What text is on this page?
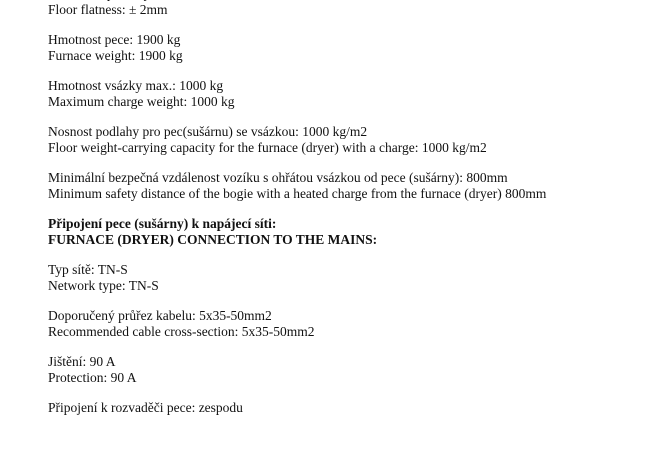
Floor flatness: ± 2mm
Hmotnost pece: 1900 kg
Furnace weight: 1900 kg
Hmotnost vsázky max.: 1000 kg
Maximum charge weight: 1000 kg
Nosnost podlahy pro pec(sušárnu) se vsázkou: 1000 kg/m2
Floor weight-carrying capacity for the furnace (dryer) with a charge: 1000 kg/m2
Minimální bezpečná vzdálenost vozíku s ohřátou vsázkou od pece (sušárny): 800mm
Minimum safety distance of the bogie with a heated charge from the furnace (dryer) 800mm
Připojení pece (sušárny) k napájecí síti:
FURNACE (DRYER) CONNECTION TO THE MAINS:
Typ sítě: TN-S
Network type: TN-S
Doporučený průřez kabelu: 5x35-50mm2
Recommended cable cross-section: 5x35-50mm2
Jištění: 90 A
Protection: 90 A
Připojení k rozvaděči pece: zespodu
